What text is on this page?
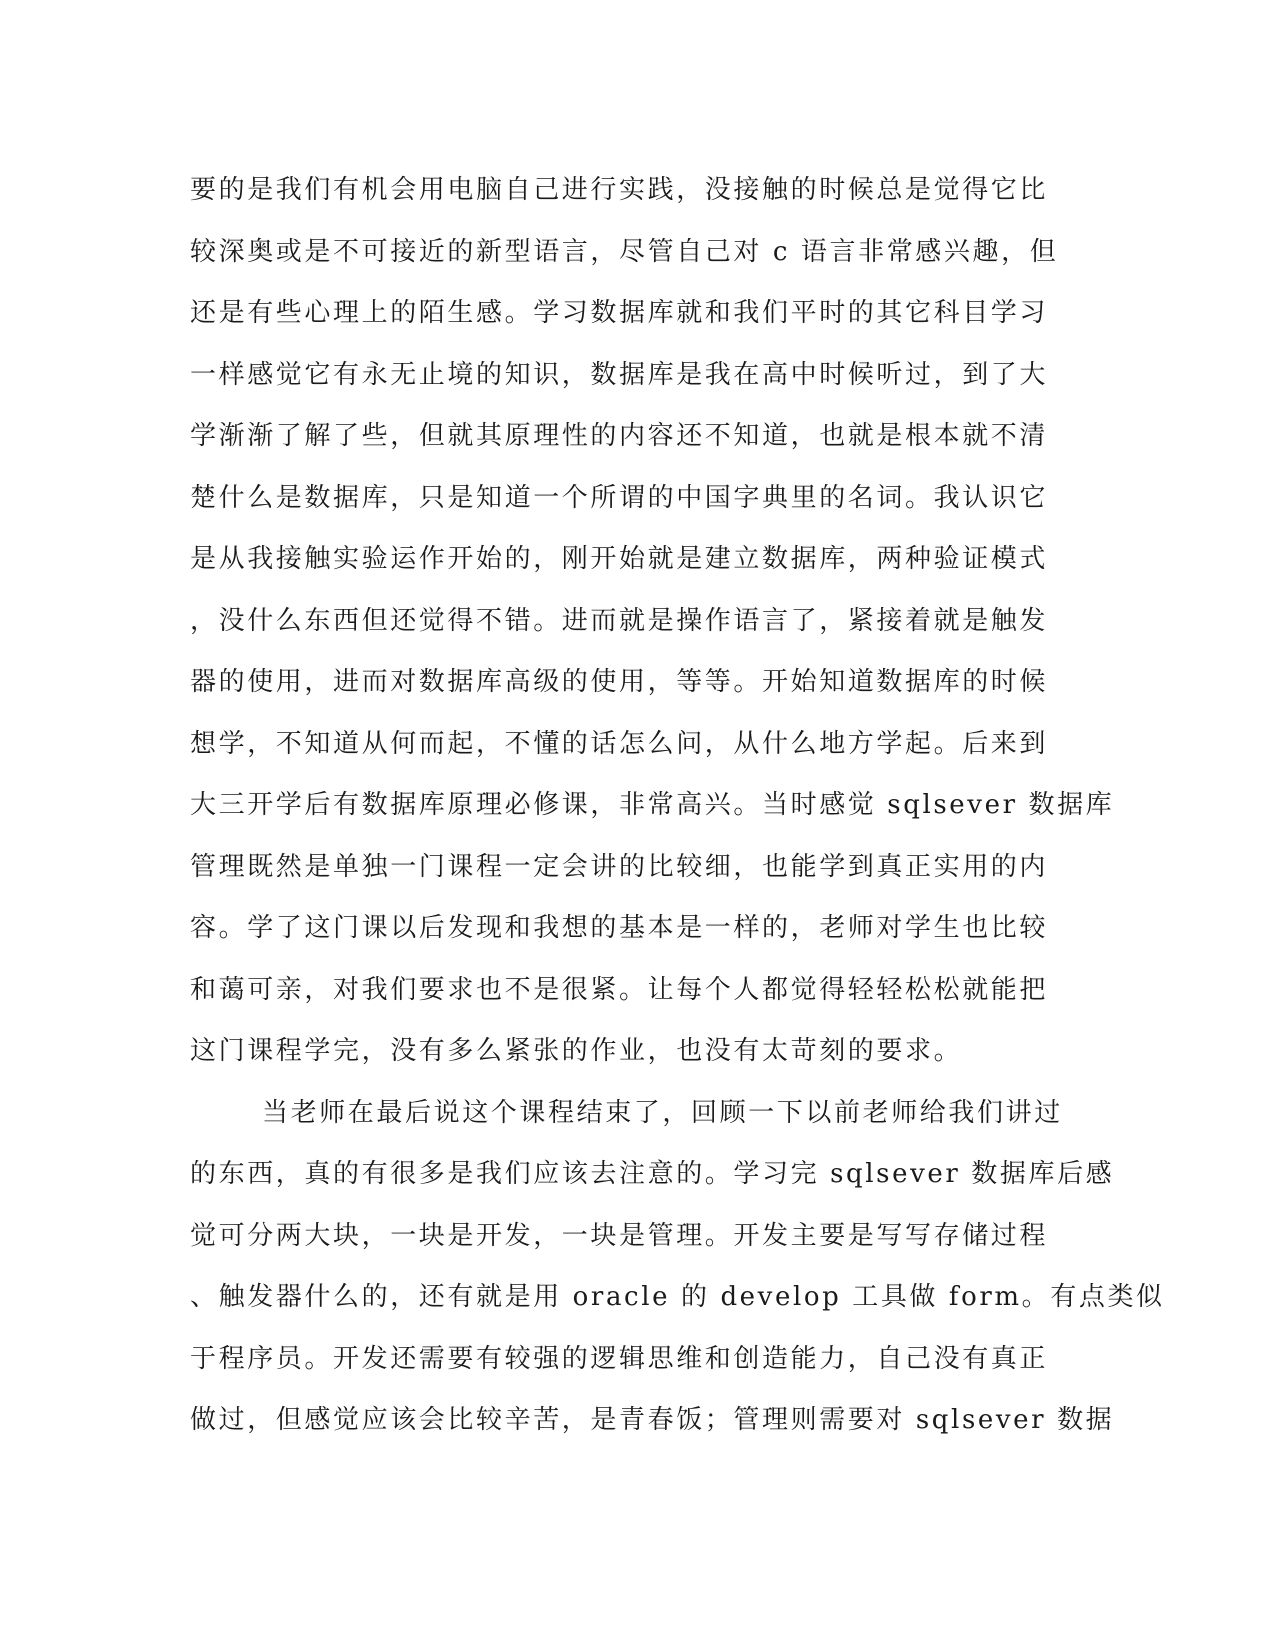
要的是我们有机会用电脑自己进行实践，没接触的时候总是觉得它比
较深奥或是不可接近的新型语言，尽管自己对 c 语言非常感兴趣，但
还是有些心理上的陌生感。学习数据库就和我们平时的其它科目学习
一样感觉它有永无止境的知识，数据库是我在高中时候听过，到了大
学渐渐了解了些，但就其原理性的内容还不知道，也就是根本就不清
楚什么是数据库，只是知道一个所谓的中国字典里的名词。我认识它
是从我接触实验运作开始的，刚开始就是建立数据库，两种验证模式
，没什么东西但还觉得不错。进而就是操作语言了，紧接着就是触发
器的使用，进而对数据库高级的使用，等等。开始知道数据库的时候
想学，不知道从何而起，不懂的话怎么问，从什么地方学起。后来到
大三开学后有数据库原理必修课，非常高兴。当时感觉 sqlsever 数据库
管理既然是单独一门课程一定会讲的比较细，也能学到真正实用的内
容。学了这门课以后发现和我想的基本是一样的，老师对学生也比较
和蔼可亲，对我们要求也不是很紧。让每个人都觉得轻轻松松就能把
这门课程学完，没有多么紧张的作业，也没有太苛刻的要求。
当老师在最后说这个课程结束了，回顾一下以前老师给我们讲过
的东西，真的有很多是我们应该去注意的。学习完 sqlsever 数据库后感
觉可分两大块，一块是开发，一块是管理。开发主要是写写存储过程
、触发器什么的，还有就是用 oracle 的 develop 工具做 form。有点类似
于程序员。开发还需要有较强的逻辑思维和创造能力，自己没有真正
做过，但感觉应该会比较辛苦，是青春饭；管理则需要对 sqlsever 数据
